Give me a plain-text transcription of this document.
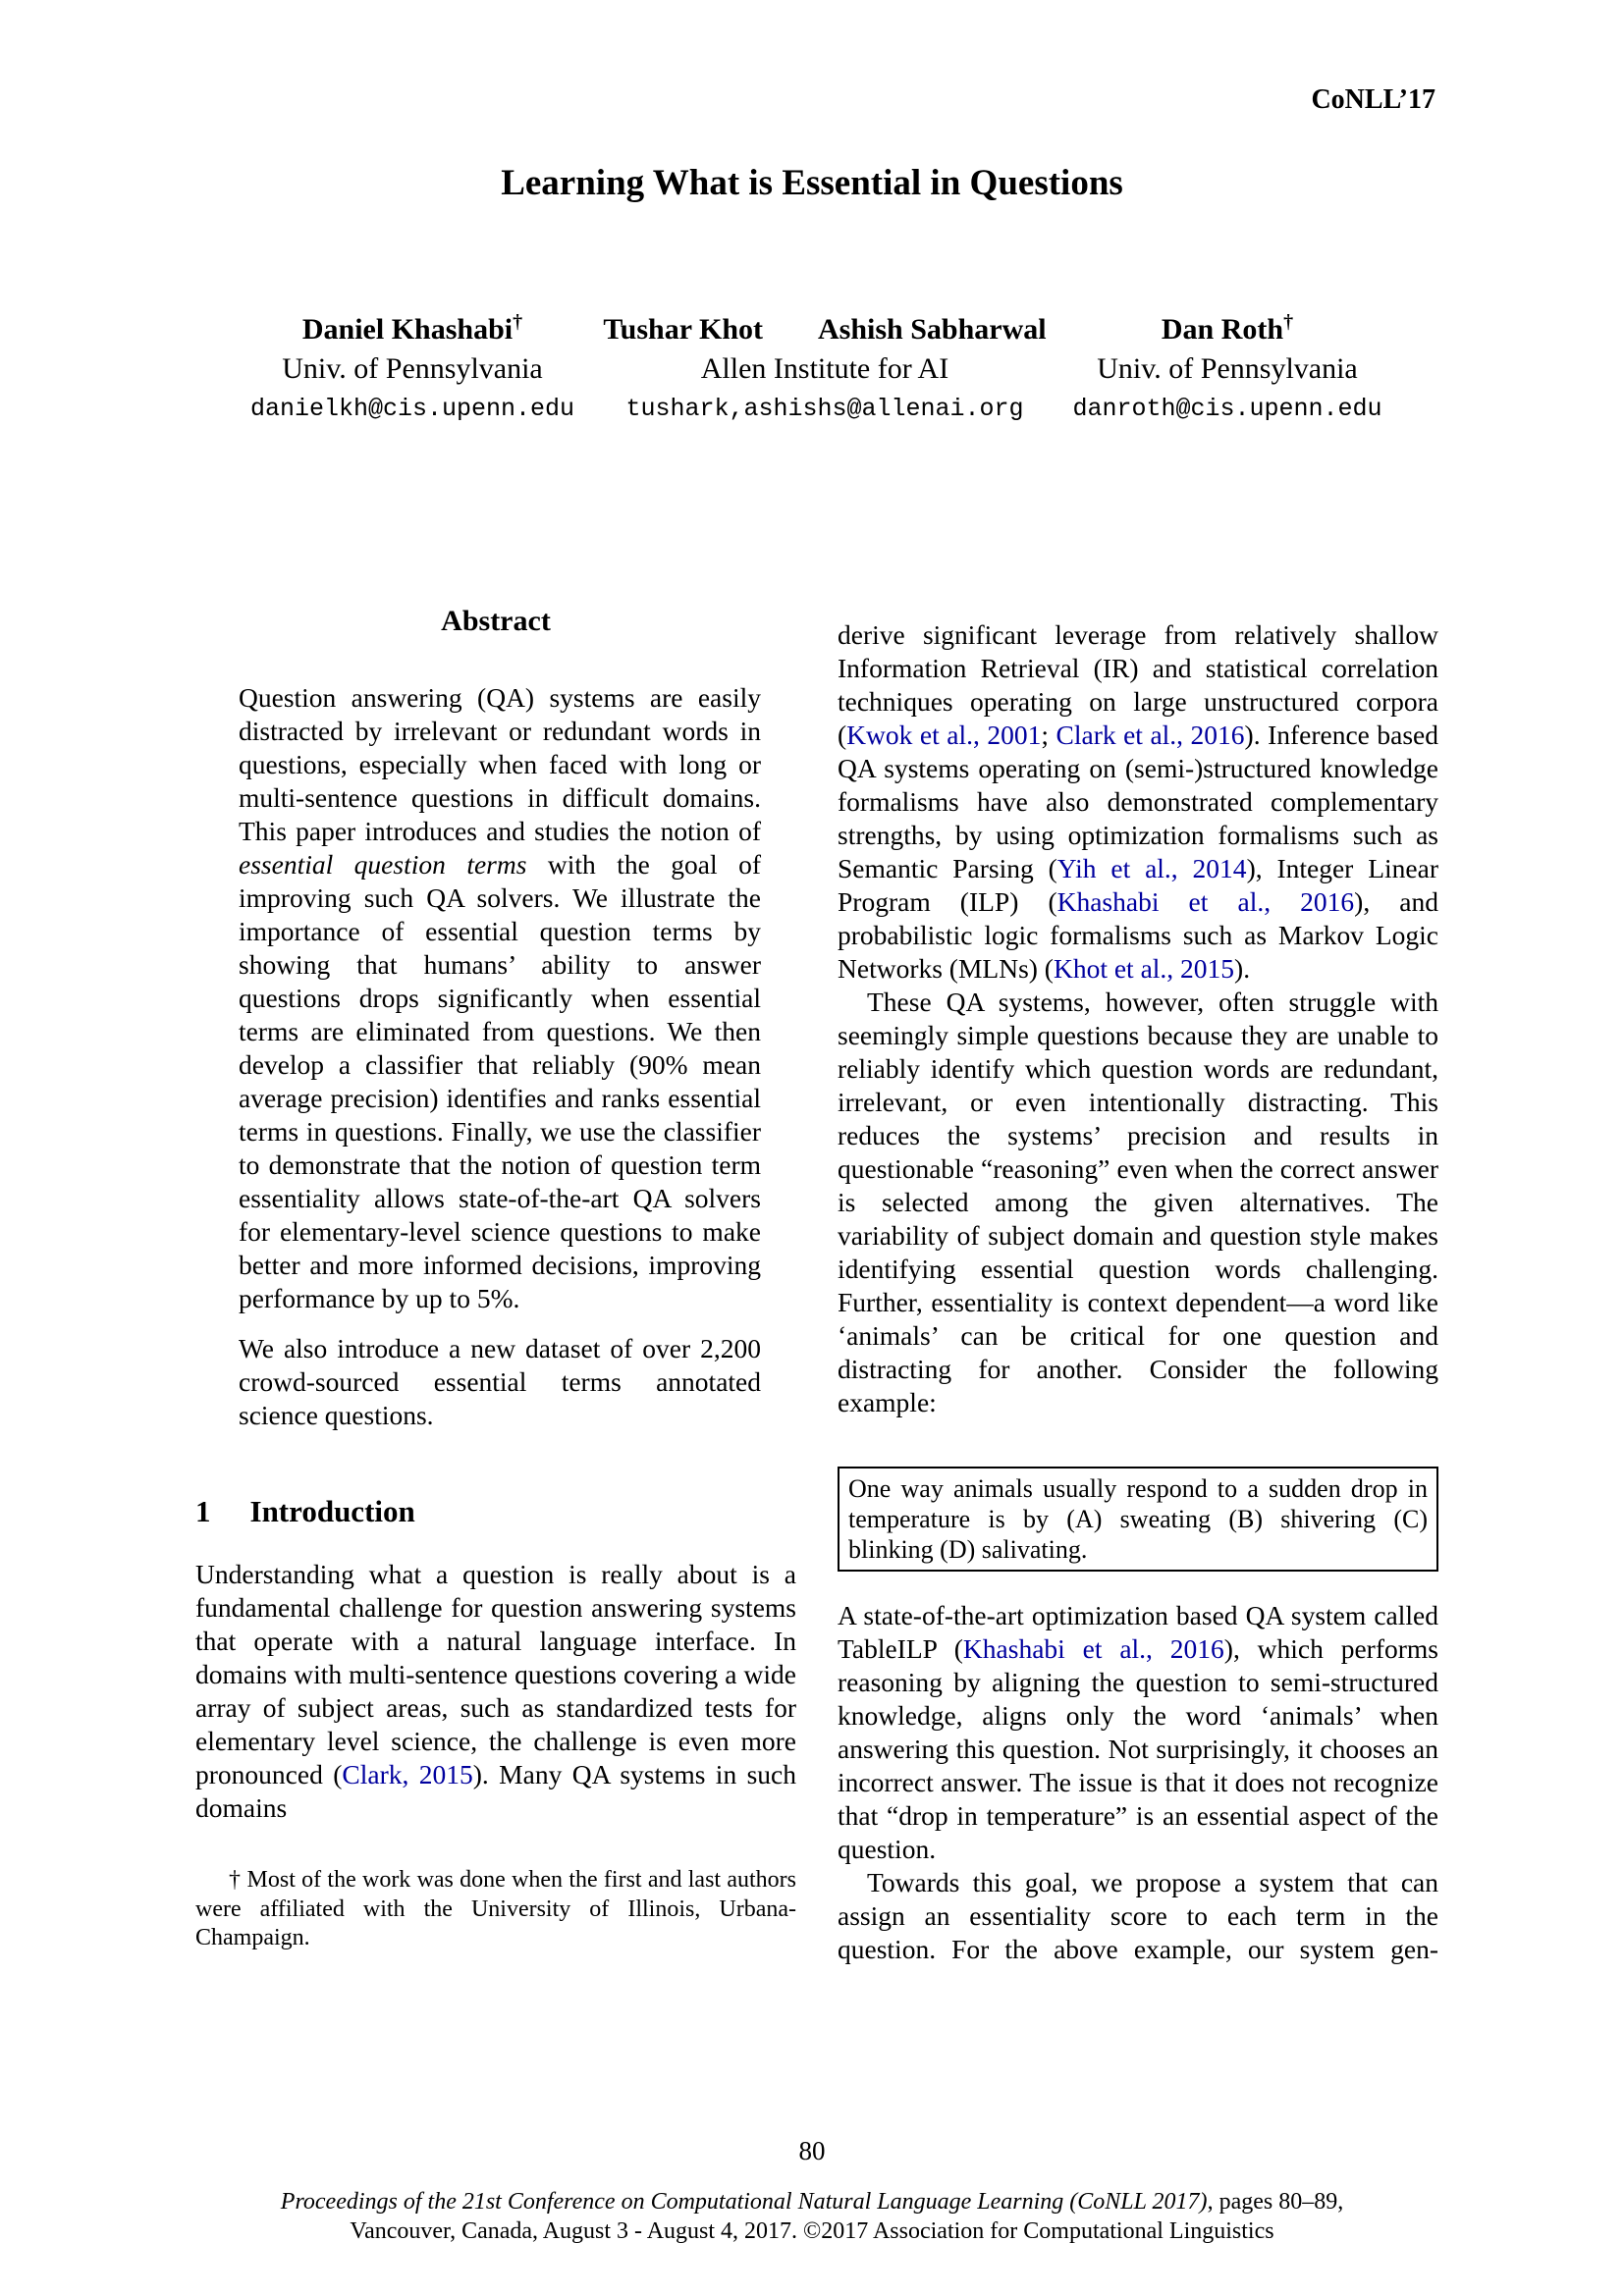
CoNLL’17
Learning What is Essential in Questions
Daniel Khashabi†
Univ. of Pennsylvania
danielkh@cis.upenn.edu
Tushar Khot Ashish Sabharwal
Allen Institute for AI
tushark,ashishs@allenai.org
Dan Roth†
Univ. of Pennsylvania
danroth@cis.upenn.edu
Abstract

Question answering (QA) systems are easily distracted by irrelevant or redundant words in questions, especially when faced with long or multi-sentence questions in difficult domains. This paper introduces and studies the notion of essential question terms with the goal of improving such QA solvers. We illustrate the importance of essential question terms by showing that humans’ ability to answer questions drops significantly when essential terms are eliminated from questions. We then develop a classifier that reliably (90% mean average precision) identifies and ranks essential terms in questions. Finally, we use the classifier to demonstrate that the notion of question term essentiality allows state-of-the-art QA solvers for elementary-level science questions to make better and more informed decisions, improving performance by up to 5%.

We also introduce a new dataset of over 2,200 crowd-sourced essential terms annotated science questions.

1 Introduction

Understanding what a question is really about is a fundamental challenge for question answering systems that operate with a natural language interface. In domains with multi-sentence questions covering a wide array of subject areas, such as standardized tests for elementary level science, the challenge is even more pronounced (Clark, 2015). Many QA systems in such domains

† Most of the work was done when the first and last authors were affiliated with the University of Illinois, Urbana-Champaign.

derive significant leverage from relatively shallow Information Retrieval (IR) and statistical correlation techniques operating on large unstructured corpora (Kwok et al., 2001; Clark et al., 2016). Inference based QA systems operating on (semi-)structured knowledge formalisms have also demonstrated complementary strengths, by using optimization formalisms such as Semantic Parsing (Yih et al., 2014), Integer Linear Program (ILP) (Khashabi et al., 2016), and probabilistic logic formalisms such as Markov Logic Networks (MLNs) (Khot et al., 2015).

These QA systems, however, often struggle with seemingly simple questions because they are unable to reliably identify which question words are redundant, irrelevant, or even intentionally distracting. This reduces the systems’ precision and results in questionable “reasoning” even when the correct answer is selected among the given alternatives. The variability of subject domain and question style makes identifying essential question words challenging. Further, essentiality is context dependent—a word like ‘animals’ can be critical for one question and distracting for another. Consider the following example:

One way animals usually respond to a sudden drop in temperature is by (A) sweating (B) shivering (C) blinking (D) salivating.

A state-of-the-art optimization based QA system called TableILP (Khashabi et al., 2016), which performs reasoning by aligning the question to semi-structured knowledge, aligns only the word ‘animals’ when answering this question. Not surprisingly, it chooses an incorrect answer. The issue is that it does not recognize that “drop in temperature” is an essential aspect of the question.

Towards this goal, we propose a system that can assign an essentiality score to each term in the question. For the above example, our system gen-

80
Proceedings of the 21st Conference on Computational Natural Language Learning (CoNLL 2017), pages 80–89,
Vancouver, Canada, August 3 - August 4, 2017. ©2017 Association for Computational Linguistics
